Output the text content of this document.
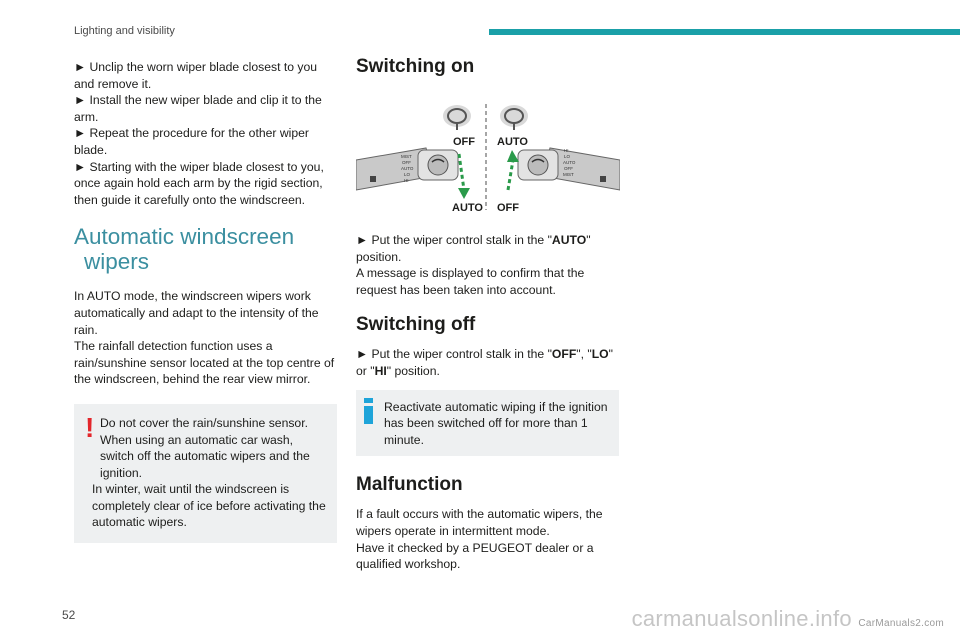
Lighting and visibility

► Unclip the worn wiper blade closest to you and remove it.

► Install the new wiper blade and clip it to the arm.

► Repeat the procedure for the other wiper blade.

► Starting with the wiper blade closest to you, once again hold each arm by the rigid section, then guide it carefully onto the windscreen.

Automatic windscreen
wipers

In AUTO mode, the windscreen wipers work automatically and adapt to the intensity of the rain.

The rainfall detection function uses a rain/sunshine sensor located at the top centre of the windscreen, behind the rear view mirror.

! Do not cover the rain/sunshine sensor.
When using an automatic car wash, switch off the automatic wipers and the ignition.
In winter, wait until the windscreen is completely clear of ice before activating the automatic wipers.
Switching on
MIST
OFF
AUTO
LO
HI
HI
LO
AUTO
OFF
MIST
OFF AUTO
AUTO OFF

► Put the wiper control stalk in the "AUTO" position.

A message is displayed to confirm that the request has been taken into account.

Switching off

► Put the wiper control stalk in the "OFF", "LO" or "HI" position.

Reactivate automatic wiping if the ignition has been switched off for more than 1 minute.
Malfunction

If a fault occurs with the automatic wipers, the wipers operate in intermittent mode.

Have it checked by a PEUGEOT dealer or a qualified workshop.

52	carmanualsonline.info CarManuals2.com
